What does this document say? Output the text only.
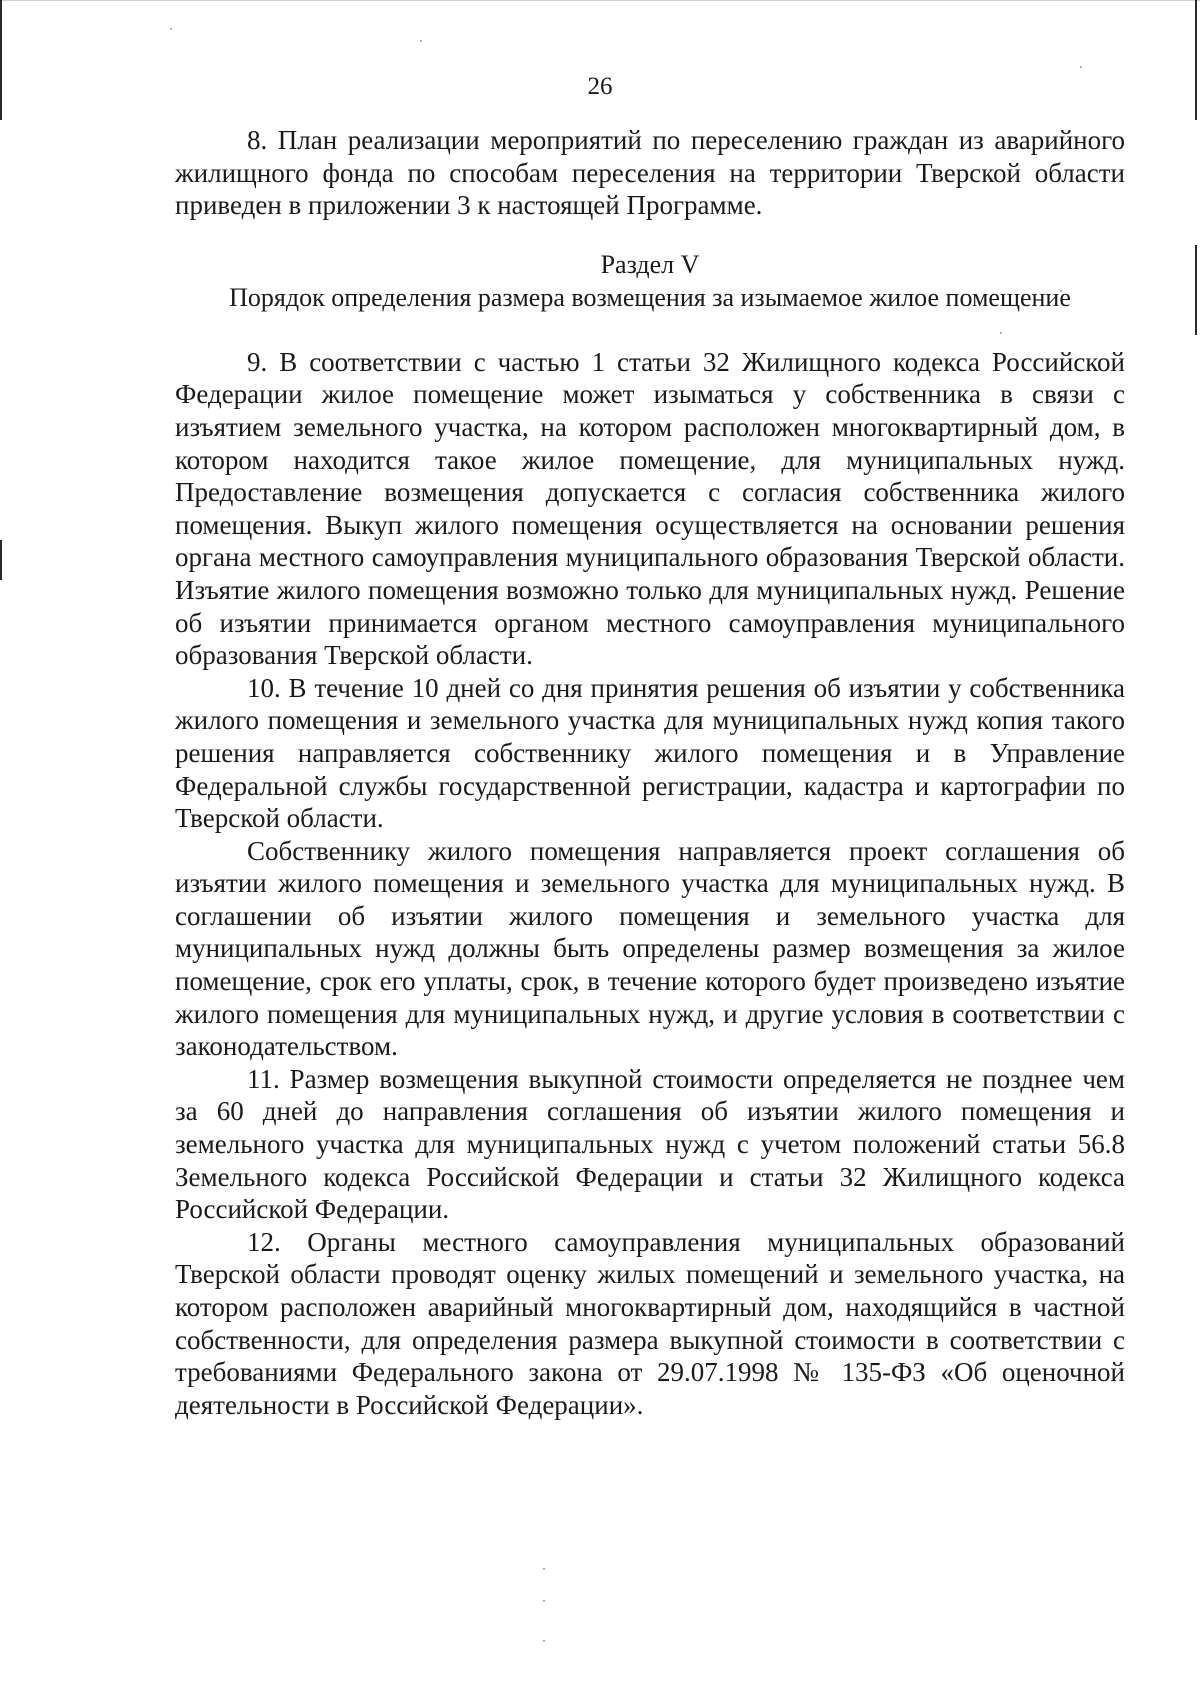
26

8. План реализации мероприятий по переселению граждан из аварийного жилищного фонда по способам переселения на территории Тверской области приведен в приложении 3 к настоящей Программе.

Раздел V

Порядок определения размера возмещения за изымаемое жилое помещение

9. В соответствии с частью 1 статьи 32 Жилищного кодекса Российской Федерации жилое помещение может изыматься у собственника в связи с изъятием земельного участка, на котором расположен многоквартирный дом, в котором находится такое жилое помещение, для муниципальных нужд. Предоставление возмещения допускается с согласия собственника жилого помещения. Выкуп жилого помещения осуществляется на основании решения органа местного самоуправления муниципального образования Тверской области. Изъятие жилого помещения возможно только для муниципальных нужд. Решение об изъятии принимается органом местного самоуправления муниципального образования Тверской области.

10. В течение 10 дней со дня принятия решения об изъятии у собственника жилого помещения и земельного участка для муниципальных нужд копия такого решения направляется собственнику жилого помещения и в Управление Федеральной службы государственной регистрации, кадастра и картографии по Тверской области.

Собственнику жилого помещения направляется проект соглашения об изъятии жилого помещения и земельного участка для муниципальных нужд. В соглашении об изъятии жилого помещения и земельного участка для муниципальных нужд должны быть определены размер возмещения за жилое помещение, срок его уплаты, срок, в течение которого будет произведено изъятие жилого помещения для муниципальных нужд, и другие условия в соответствии с законодательством.

11. Размер возмещения выкупной стоимости определяется не позднее чем за 60 дней до направления соглашения об изъятии жилого помещения и земельного участка для муниципальных нужд с учетом положений статьи 56.8 Земельного кодекса Российской Федерации и статьи 32 Жилищного кодекса Российской Федерации.

12. Органы местного самоуправления муниципальных образований Тверской области проводят оценку жилых помещений и земельного участка, на котором расположен аварийный многоквартирный дом, находящийся в частной собственности, для определения размера выкупной стоимости в соответствии с требованиями Федерального закона от 29.07.1998 № 135-ФЗ «Об оценочной деятельности в Российской Федерации».
